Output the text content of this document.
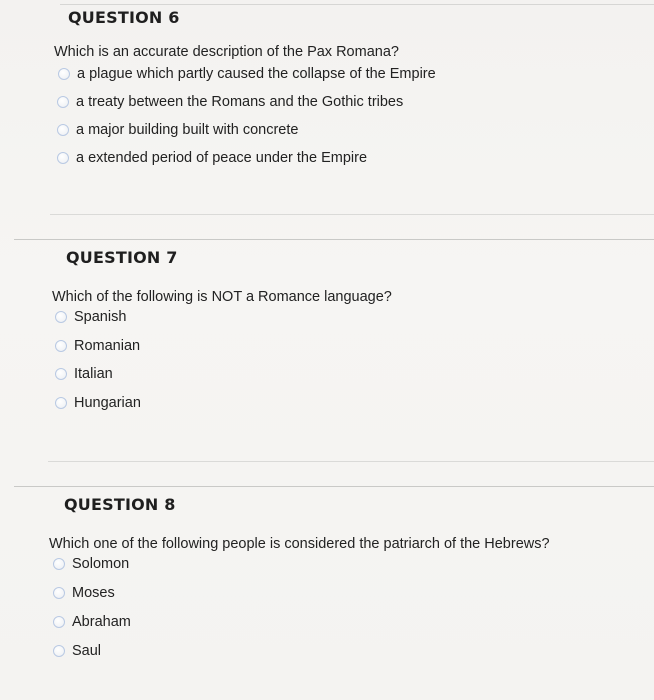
QUESTION 6
Which is an accurate description of the Pax Romana?
a plague which partly caused the collapse of the Empire
a treaty between the Romans and the Gothic tribes
a major building built with concrete
a extended period of peace under the Empire
QUESTION 7
Which of the following is NOT a Romance language?
Spanish
Romanian
Italian
Hungarian
QUESTION 8
Which one of the following people is considered the patriarch of the Hebrews?
Solomon
Moses
Abraham
Saul
